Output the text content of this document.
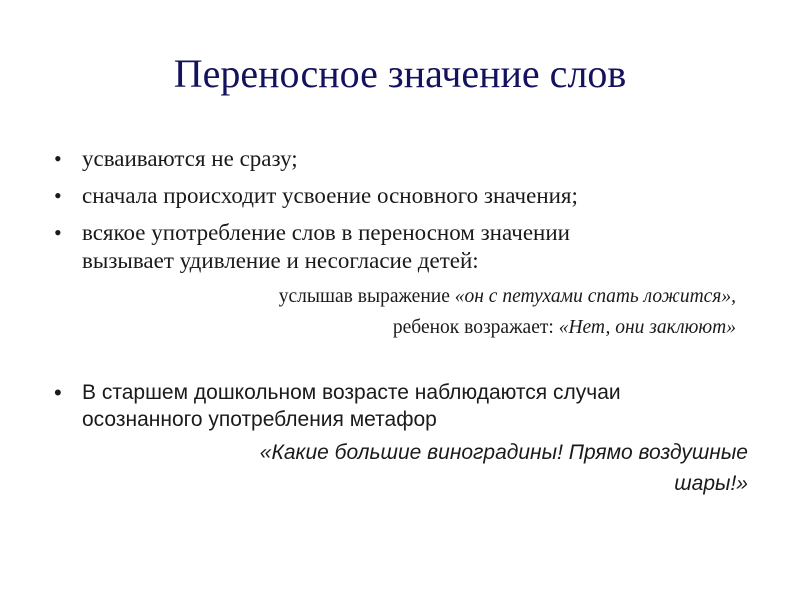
Переносное значение слов
• усваиваются не сразу;
• сначала происходит усвоение основного значения;
• всякое употребление слов в переносном значении
вызывает удивление и несогласие детей:
услышав выражение «он с петухами спать ложится»,
ребенок возражает: «Нет, они заклюют»
• В старшем дошкольном возрасте наблюдаются случаи
осознанного употребления метафор
«Какие большие виноградины! Прямо воздушные
шары!»
